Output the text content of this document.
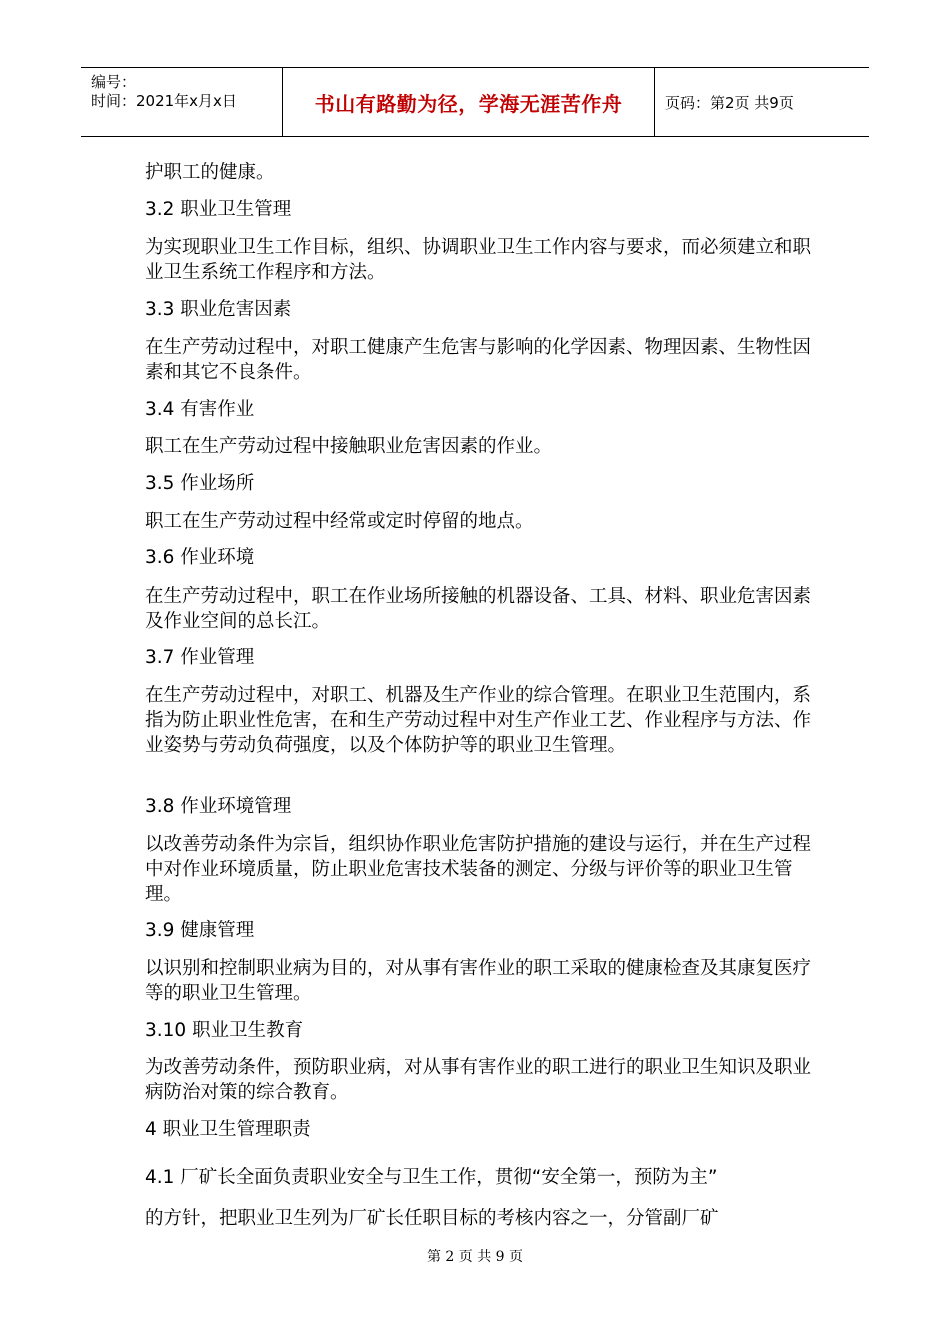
编号：
时间：2021年x月x日	书山有路勤为径，学海无涯苦作舟	页码：第2页 共9页

护职工的健康。

3.2 职业卫生管理

为实现职业卫生工作目标，组织、协调职业卫生工作内容与要求，而必须建立和职业卫生系统工作程序和方法。

3.3 职业危害因素

在生产劳动过程中，对职工健康产生危害与影响的化学因素、物理因素、生物性因素和其它不良条件。

3.4 有害作业

职工在生产劳动过程中接触职业危害因素的作业。

3.5 作业场所

职工在生产劳动过程中经常或定时停留的地点。

3.6 作业环境

在生产劳动过程中，职工在作业场所接触的机器设备、工具、材料、职业危害因素及作业空间的总长江。

3.7 作业管理

在生产劳动过程中，对职工、机器及生产作业的综合管理。在职业卫生范围内，系指为防止职业性危害，在和生产劳动过程中对生产作业工艺、作业程序与方法、作业姿势与劳动负荷强度，以及个体防护等的职业卫生管理。

3.8 作业环境管理

以改善劳动条件为宗旨，组织协作职业危害防护措施的建设与运行，并在生产过程中对作业环境质量，防止职业危害技术装备的测定、分级与评价等的职业卫生管理。

3.9 健康管理

以识别和控制职业病为目的，对从事有害作业的职工采取的健康检查及其康复医疗等的职业卫生管理。

3.10 职业卫生教育

为改善劳动条件，预防职业病，对从事有害作业的职工进行的职业卫生知识及职业病防治对策的综合教育。

4 职业卫生管理职责

4.1 厂矿长全面负责职业安全与卫生工作，贯彻“安全第一，预防为主”

的方针，把职业卫生列为厂矿长任职目标的考核内容之一，分管副厂矿

第 2 页 共 9 页
